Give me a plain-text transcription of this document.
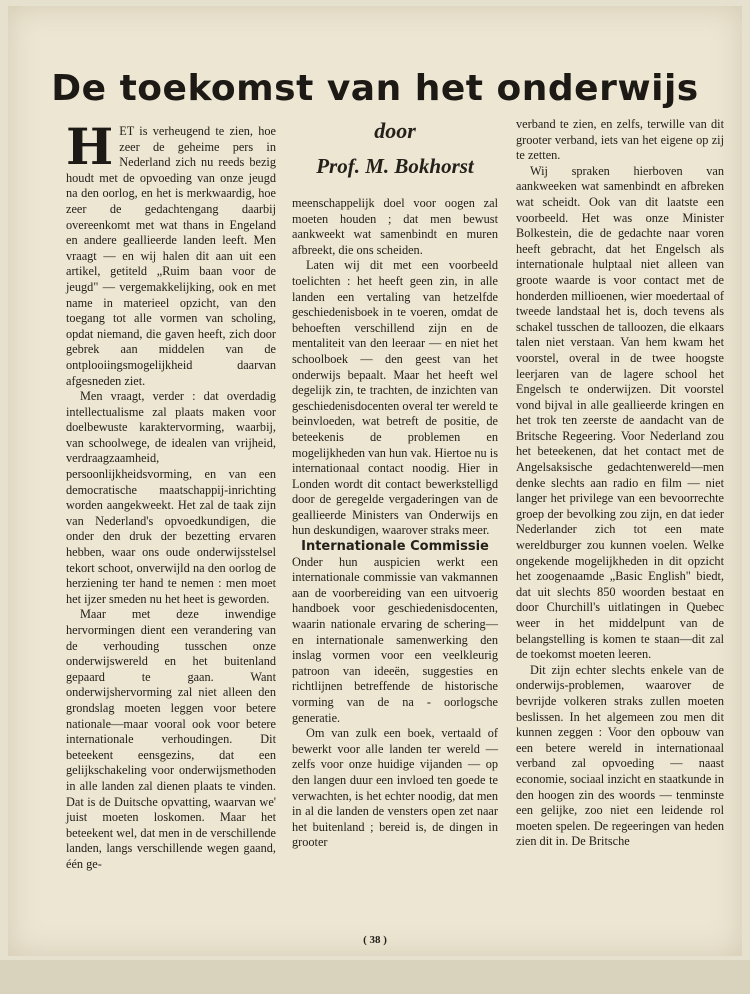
De toekomst van het onderwijs
door
Prof. M. Bokhorst

HET is verheugend te zien, hoe zeer de geheime pers in Nederland zich nu reeds bezig houdt met de opvoeding van onze jeugd na den oorlog, en het is merkwaardig, hoe zeer de gedachtengang daarbij overeenkomt met wat thans in Engeland en andere geallieerde landen leeft. Men vraagt — en wij halen dit aan uit een artikel, getiteld „Ruim baan voor de jeugd" — vergemakkelijking, ook en met name in materieel opzicht, van den toegang tot alle vormen van scholing, opdat niemand, die gaven heeft, zich door gebrek aan middelen van de ontplooiingsmogelijkheid daarvan afgesneden ziet.

Men vraagt, verder : dat overdadig intellectualisme zal plaats maken voor doelbewuste karaktervorming, waarbij, van schoolwege, de idealen van vrijheid, verdraagzaamheid, persoonlijkheidsvorming, en van een democratische maatschappij-inrichting worden aangekweekt. Het zal de taak zijn van Nederland's opvoedkundigen, die onder den druk der bezetting ervaren hebben, waar ons oude onderwijsstelsel tekort schoot, onverwijld na den oorlog de herziening ter hand te nemen : men moet het ijzer smeden nu het heet is geworden.

Maar met deze inwendige hervormingen dient een verandering van de verhouding tusschen onze onderwijswereld en het buitenland gepaard te gaan. Want onderwijshervorming zal niet alleen den grondslag moeten leggen voor betere nationale—maar vooral ook voor betere internationale verhoudingen. Dit beteekent eensgezins, dat een gelijkschakeling voor onderwijsmethoden in alle landen zal dienen plaats te vinden. Dat is de Duitsche opvatting, waarvan we' juist moeten loskomen. Maar het beteekent wel, dat men in de verschillende landen, langs verschillende wegen gaand, één ge-

meenschappelijk doel voor oogen zal moeten houden ; dat men bewust aankweekt wat samenbindt en muren afbreekt, die ons scheiden.

Laten wij dit met een voorbeeld toelichten : het heeft geen zin, in alle landen een vertaling van hetzelfde geschiedenisboek in te voeren, omdat de behoeften verschillend zijn en de mentaliteit van den leeraar — en niet het schoolboek — den geest van het onderwijs bepaalt. Maar het heeft wel degelijk zin, te trachten, de inzichten van geschiedenisdocenten overal ter wereld te beinvloeden, wat betreft de positie, de beteekenis de problemen en mogelijkheden van hun vak. Hiertoe nu is internationaal contact noodig. Hier in Londen wordt dit contact bewerkstelligd door de geregelde vergaderingen van de geallieerde Ministers van Onderwijs en hun deskundigen, waarover straks meer.

Internationale Commissie

Onder hun auspicien werkt een internationale commissie van vakmannen aan de voorbereiding van een uitvoerig handboek voor geschiedenisdocenten, waarin nationale ervaring de schering—en internationale samenwerking den inslag vormen voor een veelkleurig patroon van ideeën, suggesties en richtlijnen betreffende de historische vorming van de na - oorlogsche generatie.

Om van zulk een boek, vertaald of bewerkt voor alle landen ter wereld — zelfs voor onze huidige vijanden — op den langen duur een invloed ten goede te verwachten, is het echter noodig, dat men in al die landen de vensters open zet naar het buitenland ; bereid is, de dingen in grooter

verband te zien, en zelfs, terwille van dit grooter verband, iets van het eigene op zij te zetten.

Wij spraken hierboven van aankweeken wat samenbindt en afbreken wat scheidt. Ook van dit laatste een voorbeeld. Het was onze Minister Bolkestein, die de gedachte naar voren heeft gebracht, dat het Engelsch als internationale hulptaal niet alleen van groote waarde is voor contact met de honderden millioenen, wier moedertaal of tweede landstaal het is, doch tevens als schakel tusschen de talloozen, die elkaars talen niet verstaan. Van hem kwam het voorstel, overal in de twee hoogste leerjaren van de lagere school het Engelsch te onderwijzen. Dit voorstel vond bijval in alle geallieerde kringen en het trok ten zeerste de aandacht van de Britsche Regeering. Voor Nederland zou het beteekenen, dat het contact met de Angelsaksische gedachtenwereld—men denke slechts aan radio en film — niet langer het privilege van een bevoorrechte groep der bevolking zou zijn, en dat ieder Nederlander zich tot een mate wereldburger zou kunnen voelen. Welke ongekende mogelijkheden in dit opzicht het zoogenaamde „Basic English" biedt, dat uit slechts 850 woorden bestaat en door Churchill's uitlatingen in Quebec weer in het middelpunt van de belangstelling is komen te staan—dit zal de toekomst moeten leeren.

Dit zijn echter slechts enkele van de onderwijs-problemen, waarover de bevrijde volkeren straks zullen moeten beslissen. In het algemeen zou men dit kunnen zeggen : Voor den opbouw van een betere wereld in internationaal verband zal opvoeding — naast economie, sociaal inzicht en staatkunde in den hoogen zin des woords — tenminste een gelijke, zoo niet een leidende rol moeten spelen. De regeeringen van heden zien dit in. De Britsche

( 38 )
